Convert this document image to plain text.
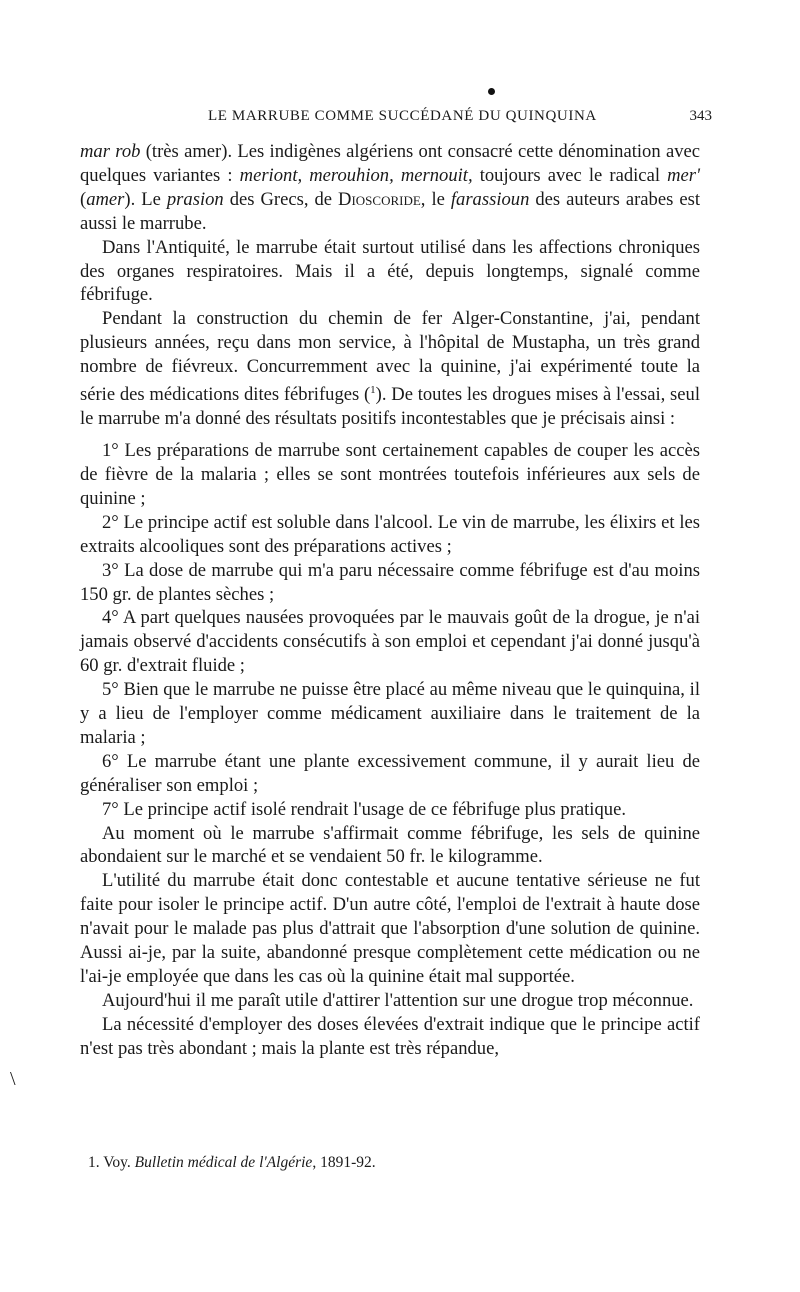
LE MARRUBE COMME SUCCÉDANÉ DU QUINQUINA	343

mar rob (très amer). Les indigènes algériens ont consacré cette dénomination avec quelques variantes : meriont, merouhion, mernouit, toujours avec le radical mer' (amer). Le prasion des Grecs, de Dioscoride, le farassioun des auteurs arabes est aussi le marrube.

Dans l'Antiquité, le marrube était surtout utilisé dans les affections chroniques des organes respiratoires. Mais il a été, depuis longtemps, signalé comme fébrifuge.

Pendant la construction du chemin de fer Alger-Constantine, j'ai, pendant plusieurs années, reçu dans mon service, à l'hôpital de Mustapha, un très grand nombre de fiévreux. Concurremment avec la quinine, j'ai expérimenté toute la série des médications dites fébrifuges ($^1$). De toutes les drogues mises à l'essai, seul le marrube m'a donné des résultats positifs incontestables que je précisais ainsi :

1° Les préparations de marrube sont certainement capables de couper les accès de fièvre de la malaria ; elles se sont montrées toutefois inférieures aux sels de quinine ;

2° Le principe actif est soluble dans l'alcool. Le vin de marrube, les élixirs et les extraits alcooliques sont des préparations actives ;

3° La dose de marrube qui m'a paru nécessaire comme fébrifuge est d'au moins 150 gr. de plantes sèches ;

4° A part quelques nausées provoquées par le mauvais goût de la drogue, je n'ai jamais observé d'accidents consécutifs à son emploi et cependant j'ai donné jusqu'à 60 gr. d'extrait fluide ;

5° Bien que le marrube ne puisse être placé au même niveau que le quinquina, il y a lieu de l'employer comme médicament auxiliaire dans le traitement de la malaria ;

6° Le marrube étant une plante excessivement commune, il y aurait lieu de généraliser son emploi ;

7° Le principe actif isolé rendrait l'usage de ce fébrifuge plus pratique.

Au moment où le marrube s'affirmait comme fébrifuge, les sels de quinine abondaient sur le marché et se vendaient 50 fr. le kilogramme.

L'utilité du marrube était donc contestable et aucune tentative sérieuse ne fut faite pour isoler le principe actif. D'un autre côté, l'emploi de l'extrait à haute dose n'avait pour le malade pas plus d'attrait que l'absorption d'une solution de quinine. Aussi ai-je, par la suite, abandonné presque complètement cette médication ou ne l'ai-je employée que dans les cas où la quinine était mal supportée.

Aujourd'hui il me paraît utile d'attirer l'attention sur une drogue trop méconnue.

La nécessité d'employer des doses élevées d'extrait indique que le principe actif n'est pas très abondant ; mais la plante est très répandue,

\
1. Voy. Bulletin médical de l'Algérie, 1891-92.
